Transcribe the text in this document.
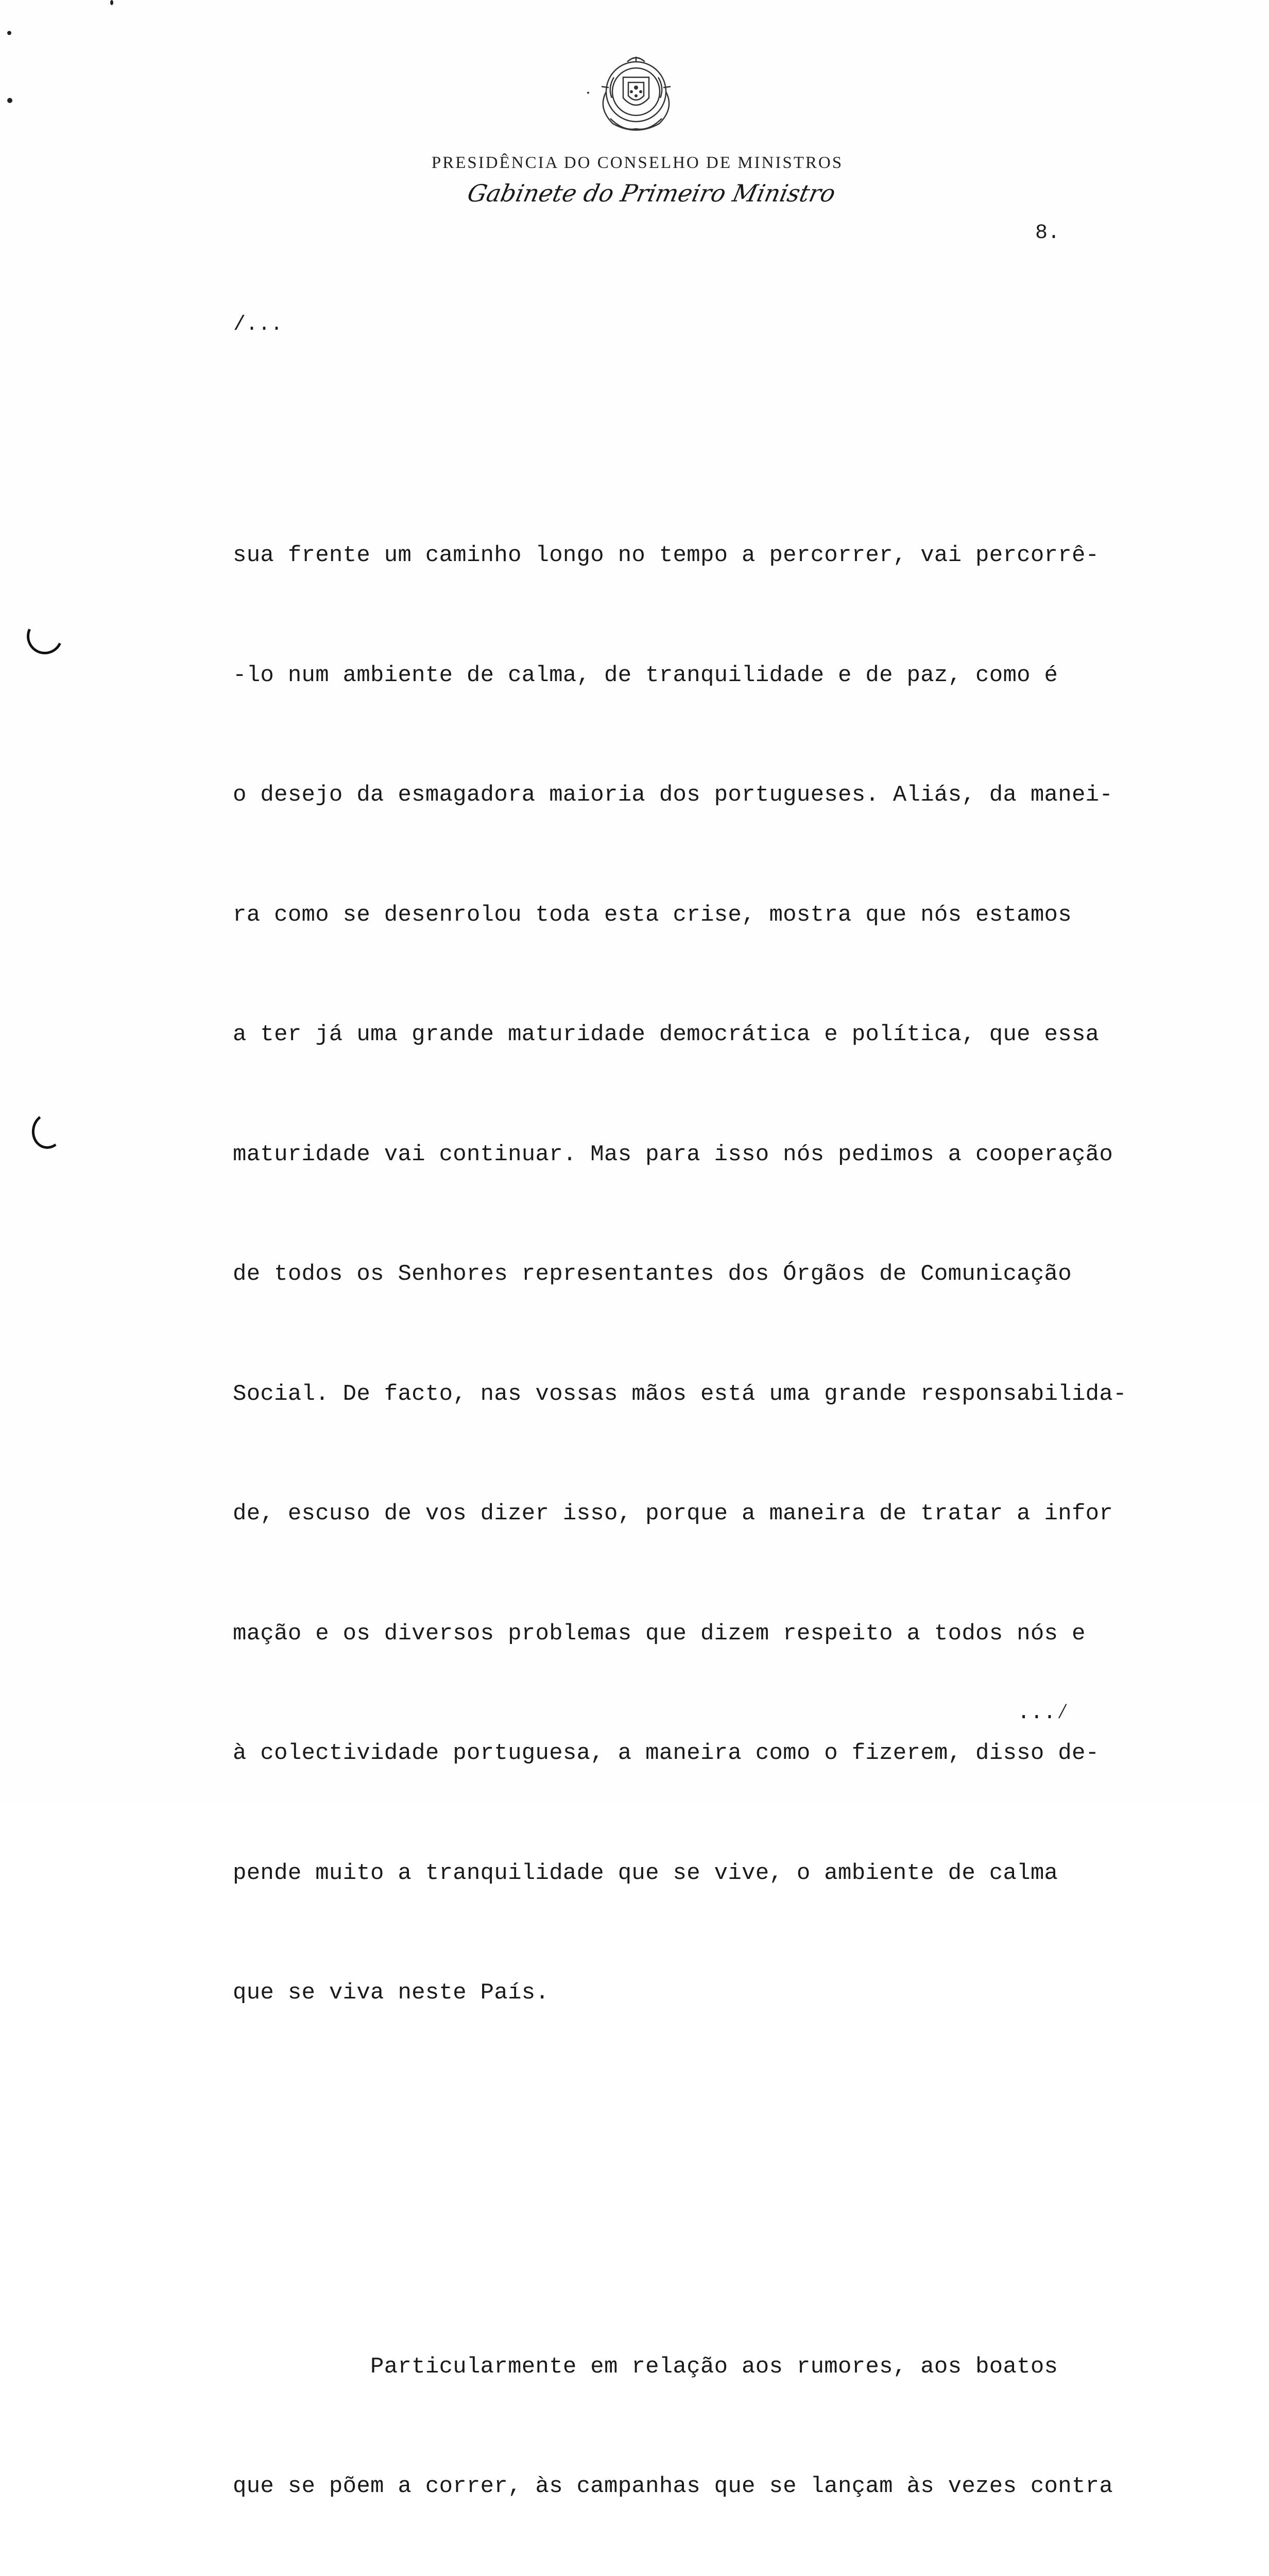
PRESIDÊNCIA DO CONSELHO DE MINISTROS
Gabinete do Primeiro Ministro
8.
/...

sua frente um caminho longo no tempo a percorrer, vai percorrê-

-lo num ambiente de calma, de tranquilidade e de paz, como é

o desejo da esmagadora maioria dos portugueses. Aliás, da manei-

ra como se desenrolou toda esta crise, mostra que nós estamos

a ter já uma grande maturidade democrática e política, que essa

maturidade vai continuar. Mas para isso nós pedimos a cooperação

de todos os Senhores representantes dos Órgãos de Comunicação

Social. De facto, nas vossas mãos está uma grande responsabilida-

de, escuso de vos dizer isso, porque a maneira de tratar a infor

mação e os diversos problemas que dizem respeito a todos nós e

à colectividade portuguesa, a maneira como o fizerem, disso de-

pende muito a tranquilidade que se vive, o ambiente de calma

que se viva neste País.

Particularmente em relação aos rumores, aos boatos

que se põem a correr, às campanhas que se lançam às vezes contra

...⁄
